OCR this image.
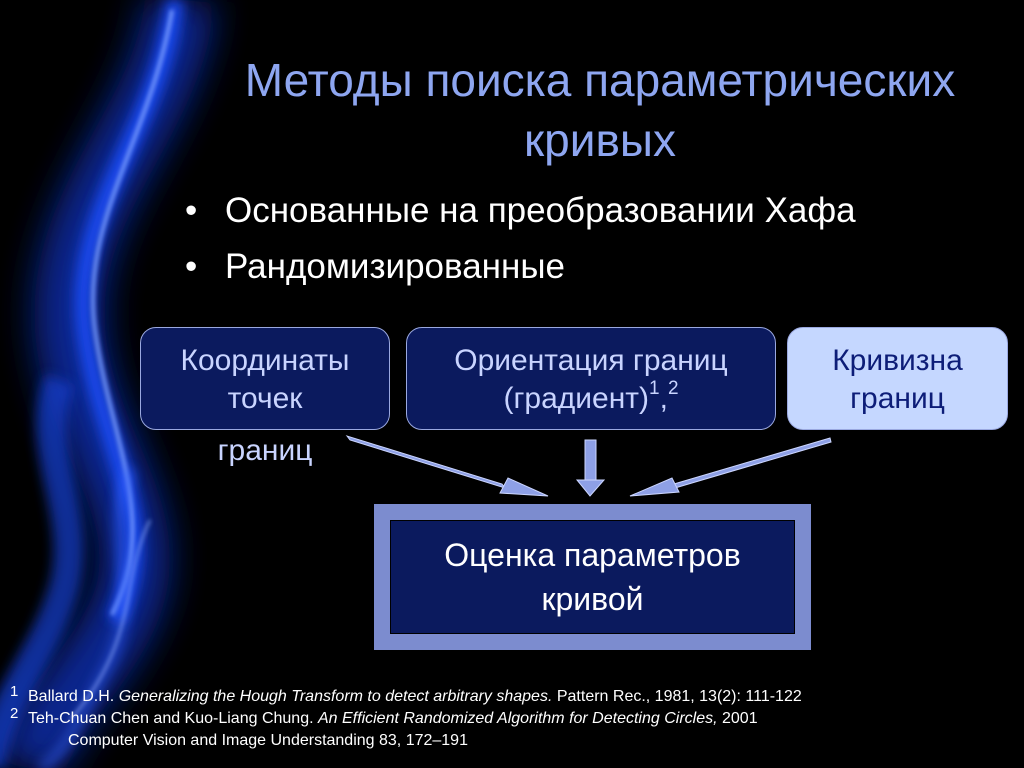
Методы поиска параметрических
кривых
• Основанные на преобразовании Хафа
• Рандомизированные
Координаты
точек
границ
Ориентация границ
(градиент)$^1$,$^2$
Кривизна
границ
Оценка параметров
кривой
1 Ballard D.H. Generalizing the Hough Transform to detect arbitrary shapes. Pattern Rec., 1981, 13(2): 111-122
2 Teh-Chuan Chen and Kuo-Liang Chung. An Efficient Randomized Algorithm for Detecting Circles, 2001
Computer Vision and Image Understanding 83, 172–191
